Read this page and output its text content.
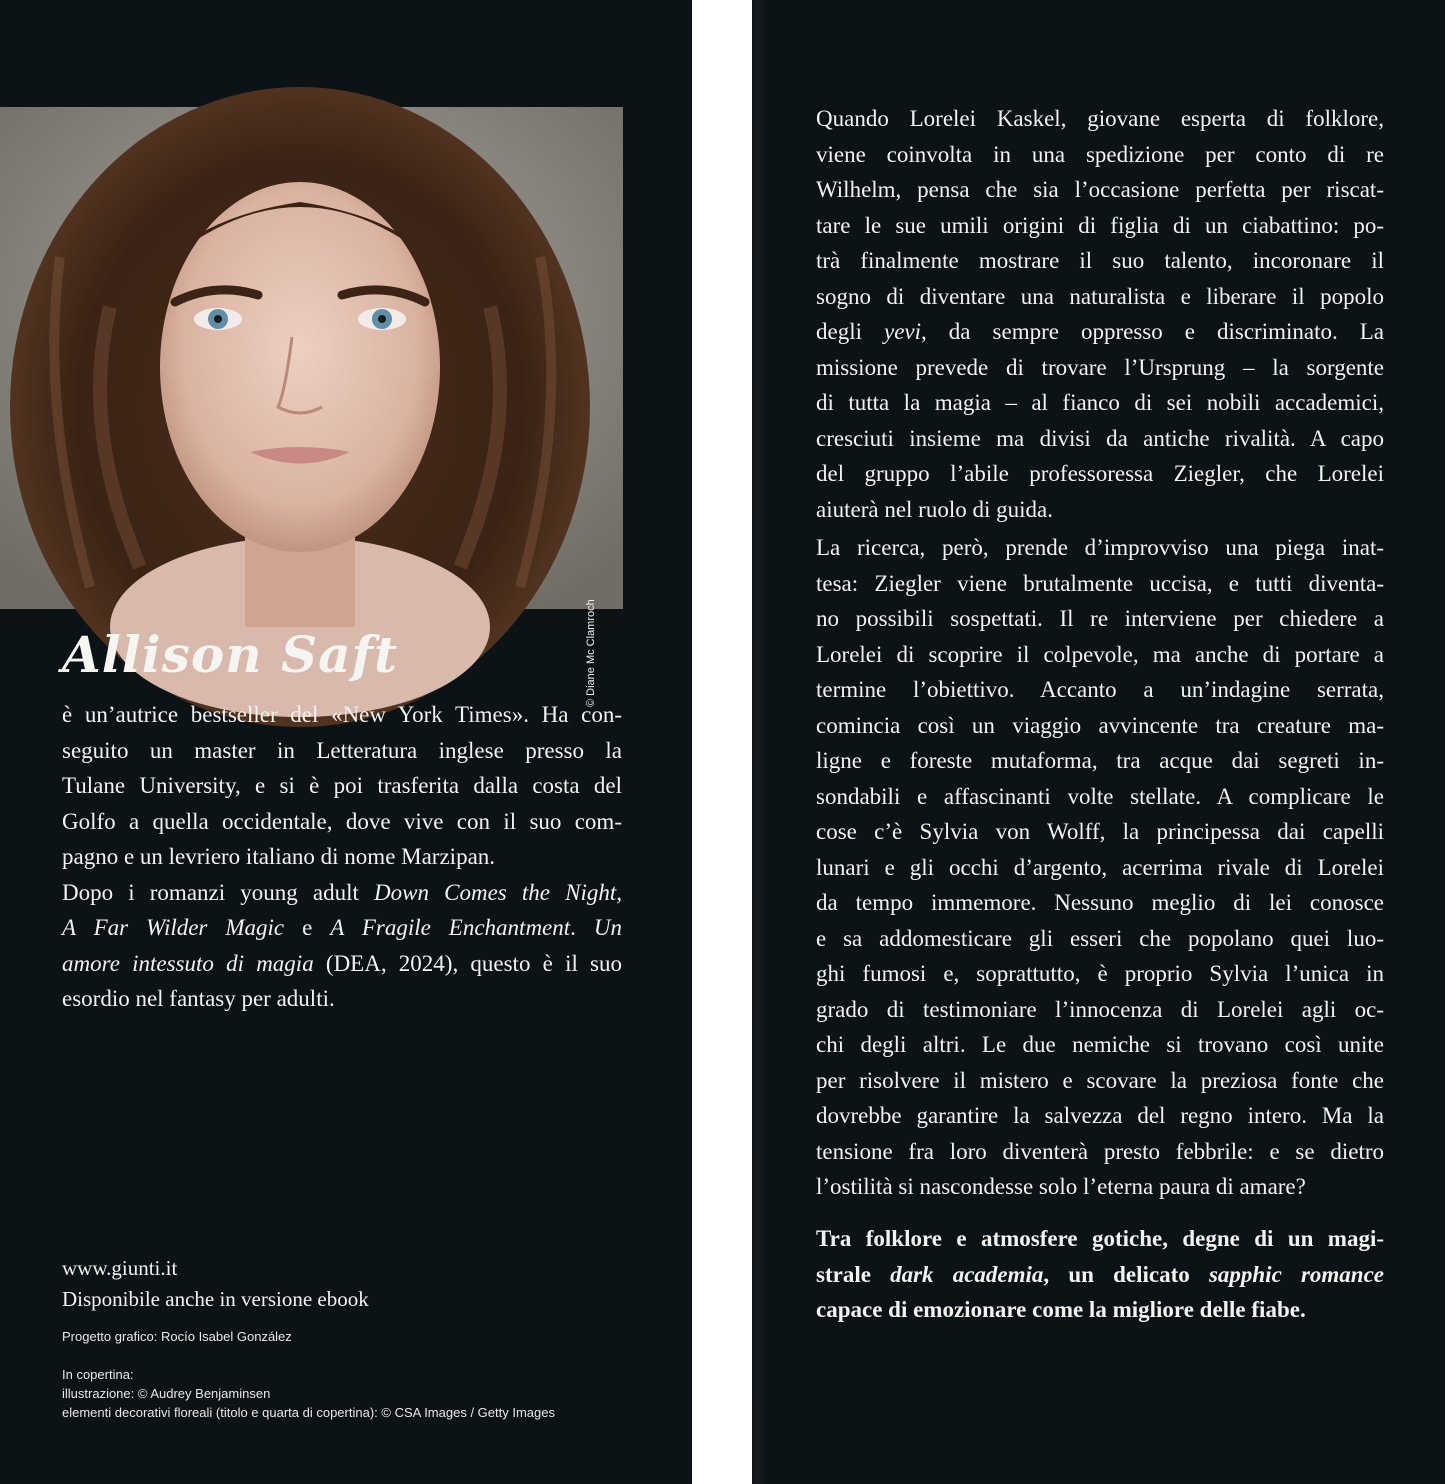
© Diane Mc Clamroch
Allison Saft
è un’autrice bestseller del «New York Times». Ha con-
seguito un master in Letteratura inglese presso la
Tulane University, e si è poi trasferita dalla costa del
Golfo a quella occidentale, dove vive con il suo com-
pagno e un levriero italiano di nome Marzipan.
Dopo i romanzi young adult Down Comes the Night,
A Far Wilder Magic e A Fragile Enchantment. Un
amore intessuto di magia (DEA, 2024), questo è il suo
esordio nel fantasy per adulti.
www.giunti.it
Disponibile anche in versione ebook
Progetto grafico: Rocío Isabel González
In copertina:
illustrazione: © Audrey Benjaminsen
elementi decorativi floreali (titolo e quarta di copertina): © CSA Images / Getty Images
Quando Lorelei Kaskel, giovane esperta di folklore,
viene coinvolta in una spedizione per conto di re
Wilhelm, pensa che sia l’occasione perfetta per riscat-
tare le sue umili origini di figlia di un ciabattino: po-
trà finalmente mostrare il suo talento, incoronare il
sogno di diventare una naturalista e liberare il popolo
degli yevi, da sempre oppresso e discriminato. La
missione prevede di trovare l’Ursprung – la sorgente
di tutta la magia – al fianco di sei nobili accademici,
cresciuti insieme ma divisi da antiche rivalità. A capo
del gruppo l’abile professoressa Ziegler, che Lorelei
aiuterà nel ruolo di guida.
La ricerca, però, prende d’improvviso una piega inat-
tesa: Ziegler viene brutalmente uccisa, e tutti diventa-
no possibili sospettati. Il re interviene per chiedere a
Lorelei di scoprire il colpevole, ma anche di portare a
termine l’obiettivo. Accanto a un’indagine serrata,
comincia così un viaggio avvincente tra creature ma-
ligne e foreste mutaforma, tra acque dai segreti in-
sondabili e affascinanti volte stellate. A complicare le
cose c’è Sylvia von Wolff, la principessa dai capelli
lunari e gli occhi d’argento, acerrima rivale di Lorelei
da tempo immemore. Nessuno meglio di lei conosce
e sa addomesticare gli esseri che popolano quei luo-
ghi fumosi e, soprattutto, è proprio Sylvia l’unica in
grado di testimoniare l’innocenza di Lorelei agli oc-
chi degli altri. Le due nemiche si trovano così unite
per risolvere il mistero e scovare la preziosa fonte che
dovrebbe garantire la salvezza del regno intero. Ma la
tensione fra loro diventerà presto febbrile: e se dietro
l’ostilità si nascondesse solo l’eterna paura di amare?
Tra folklore e atmosfere gotiche, degne di un magi-
strale dark academia, un delicato sapphic romance
capace di emozionare come la migliore delle fiabe.
